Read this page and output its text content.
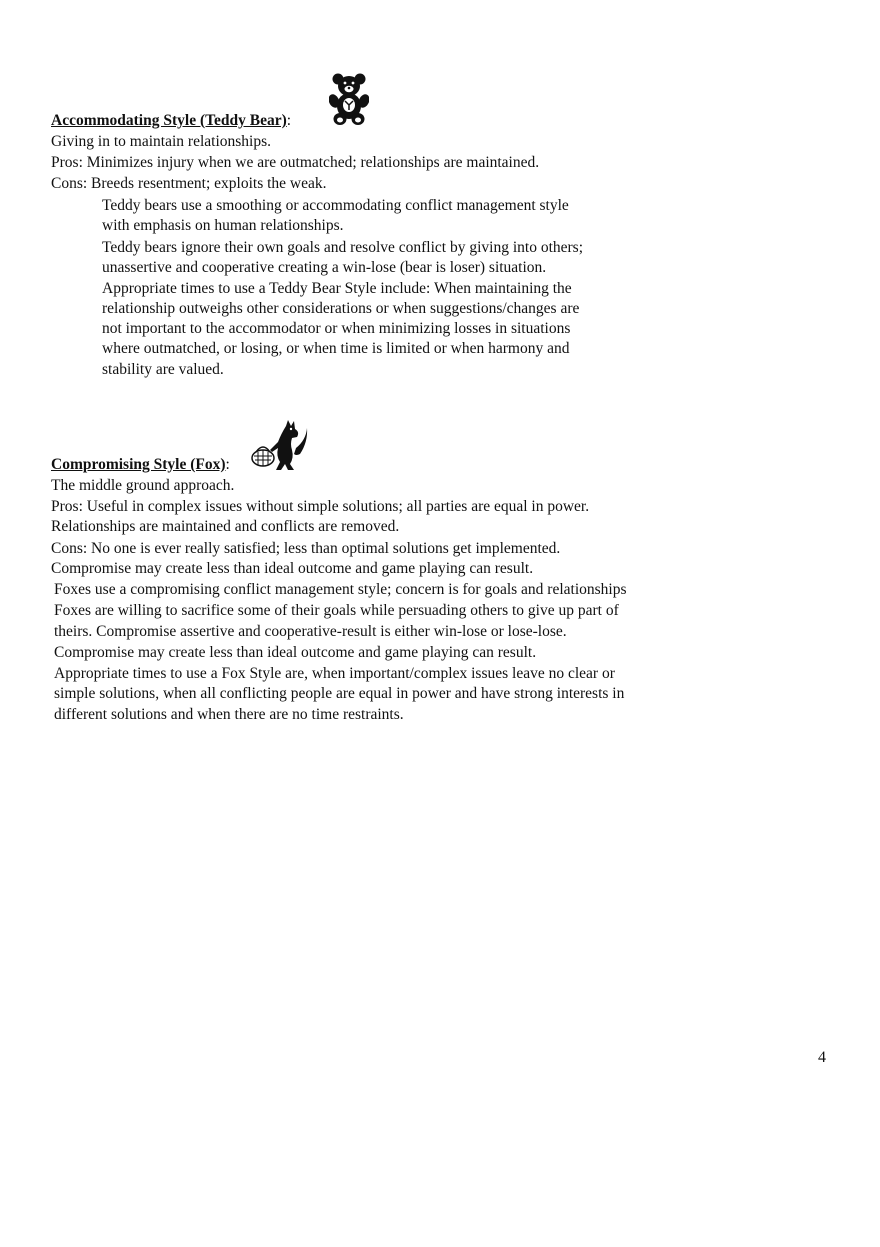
Accommodating Style (Teddy Bear):
Giving in to maintain relationships.
Pros: Minimizes injury when we are outmatched; relationships are maintained.
Cons: Breeds resentment; exploits the weak.
Teddy bears use a smoothing or accommodating conflict management style
with emphasis on human relationships.
Teddy bears ignore their own goals and resolve conflict by giving into others;
unassertive and cooperative creating a win-lose (bear is loser) situation.
Appropriate times to use a Teddy Bear Style include: When maintaining the
relationship outweighs other considerations or when suggestions/changes are
not important to the accommodator or when minimizing losses in situations
where outmatched, or losing, or when time is limited or when harmony and
stability are valued.
Compromising Style (Fox):
The middle ground approach.
Pros: Useful in complex issues without simple solutions; all parties are equal in power.
Relationships are maintained and conflicts are removed.
Cons: No one is ever really satisfied; less than optimal solutions get implemented.
Compromise may create less than ideal outcome and game playing can result.
Foxes use a compromising conflict management style; concern is for goals and relationships
Foxes are willing to sacrifice some of their goals while persuading others to give up part of
theirs. Compromise assertive and cooperative-result is either win-lose or lose-lose.
Compromise may create less than ideal outcome and game playing can result.
Appropriate times to use a Fox Style are, when important/complex issues leave no clear or
simple solutions, when all conflicting people are equal in power and have strong interests in
different solutions and when there are no time restraints.
4
